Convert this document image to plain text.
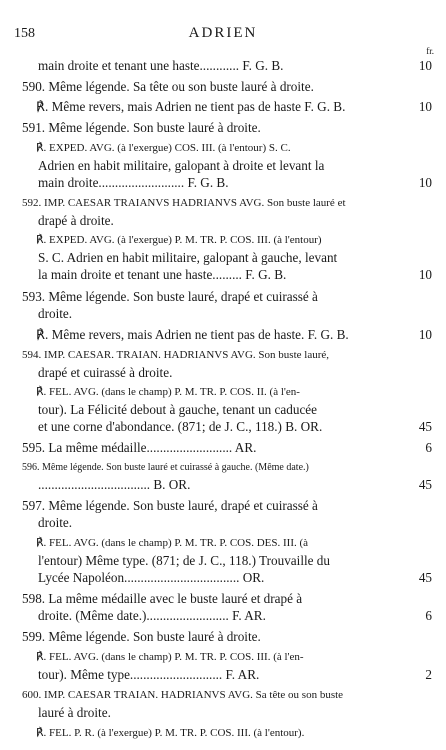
158	ADRIEN
fr.
main droite et tenant une haste............ F. G. B.	10
590. Même légende. Sa tête ou son buste lauré à droite.
℟. Même revers, mais Adrien ne tient pas de haste F. G. B.	10
591. Même légende. Son buste lauré à droite.
℟. EXPED. AVG. (à l'exergue) COS. III. (à l'entour) S. C.
Adrien en habit militaire, galopant à droite et levant la
main droite.......................... F. G. B.	10
592. IMP. CAESAR TRAIANVS HADRIANVS AVG. Son buste lauré et
drapé à droite.
℟. EXPED. AVG. (à l'exergue) P. M. TR. P. COS. III. (à l'entour)
S. C. Adrien en habit militaire, galopant à gauche, levant
la main droite et tenant une haste......... F. G. B.	10
593. Même légende. Son buste lauré, drapé et cuirassé à
droite.
℟. Même revers, mais Adrien ne tient pas de haste. F. G. B.	10
594. IMP. CAESAR. TRAIAN. HADRIANVS AVG. Son buste lauré,
drapé et cuirassé à droite.
℟. FEL. AVG. (dans le champ) P. M. TR. P. COS. II. (à l'en-
tour). La Félicité debout à gauche, tenant un caducée
et une corne d'abondance. (871; de J. C., 118.) B. OR.	45
595. La même médaille.......................... AR.	6
596. Même légende. Son buste lauré et cuirassé à gauche. (Même date.)
.................................. B. OR.	45
597. Même légende. Son buste lauré, drapé et cuirassé à
droite.
℟. FEL. AVG. (dans le champ) P. M. TR. P. COS. DES. III. (à
l'entour) Même type. (871; de J. C., 118.) Trouvaille du
Lycée Napoléon................................... OR.	45
598. La même médaille avec le buste lauré et drapé à
droite. (Même date.)......................... F. AR.	6
599. Même légende. Son buste lauré à droite.
℟. FEL. AVG. (dans le champ) P. M. TR. P. COS. III. (à l'en-
tour). Même type............................ F. AR.	2
600. IMP. CAESAR TRAIAN. HADRIANVS AVG. Sa tête ou son buste
lauré à droite.
℟. FEL. P. R. (à l'exergue) P. M. TR. P. COS. III. (à l'entour).
